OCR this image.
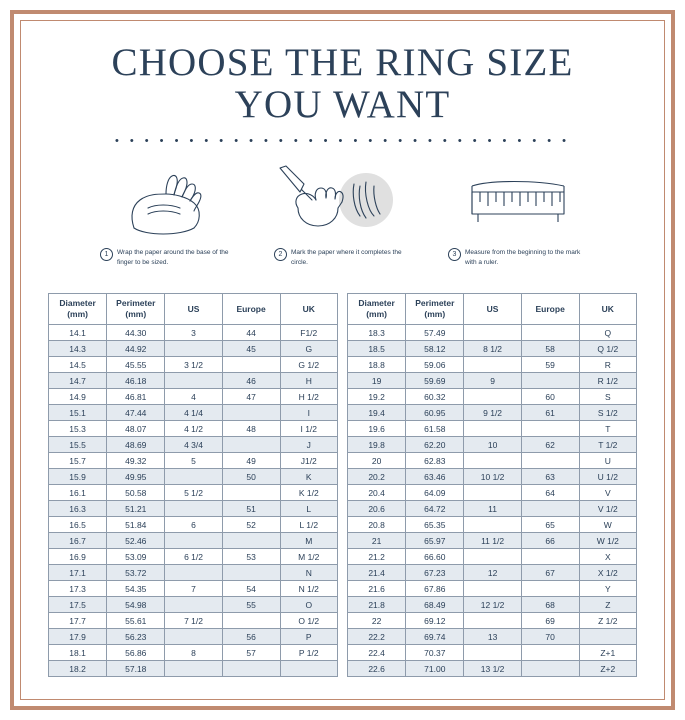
CHOOSE THE RING SIZE
YOU WANT
• • • • • • • • • • • • • • • • • • • • • • • • • • • • • • •
1	Wrap the paper around the base of the finger to be sized.
2	Mark the paper where it completes the circle.
3	Measure from the beginning to the mark with a ruler.
Diameter (mm)	Perimeter (mm)	US	Europe	UK
14.1	44.30	3	44	F1/2
14.3	44.92		45	G
14.5	45.55	3 1/2		G 1/2
14.7	46.18		46	H
14.9	46.81	4	47	H 1/2
15.1	47.44	4 1/4		I
15.3	48.07	4 1/2	48	I 1/2
15.5	48.69	4 3/4		J
15.7	49.32	5	49	J1/2
15.9	49.95		50	K
16.1	50.58	5 1/2		K 1/2
16.3	51.21		51	L
16.5	51.84	6	52	L 1/2
16.7	52.46			M
16.9	53.09	6 1/2	53	M 1/2
17.1	53.72			N
17.3	54.35	7	54	N 1/2
17.5	54.98		55	O
17.7	55.61	7 1/2		O 1/2
17.9	56.23		56	P
18.1	56.86	8	57	P 1/2
18.2	57.18			
Diameter (mm)	Perimeter (mm)	US	Europe	UK
18.3	57.49			Q
18.5	58.12	8 1/2	58	Q 1/2
18.8	59.06		59	R
19	59.69	9		R 1/2
19.2	60.32		60	S
19.4	60.95	9 1/2	61	S 1/2
19.6	61.58			T
19.8	62.20	10	62	T 1/2
20	62.83			U
20.2	63.46	10 1/2	63	U 1/2
20.4	64.09		64	V
20.6	64.72	11		V 1/2
20.8	65.35		65	W
21	65.97	11 1/2	66	W 1/2
21.2	66.60			X
21.4	67.23	12	67	X 1/2
21.6	67.86			Y
21.8	68.49	12 1/2	68	Z
22	69.12		69	Z 1/2
22.2	69.74	13	70	
22.4	70.37			Z+1
22.6	71.00	13 1/2		Z+2
